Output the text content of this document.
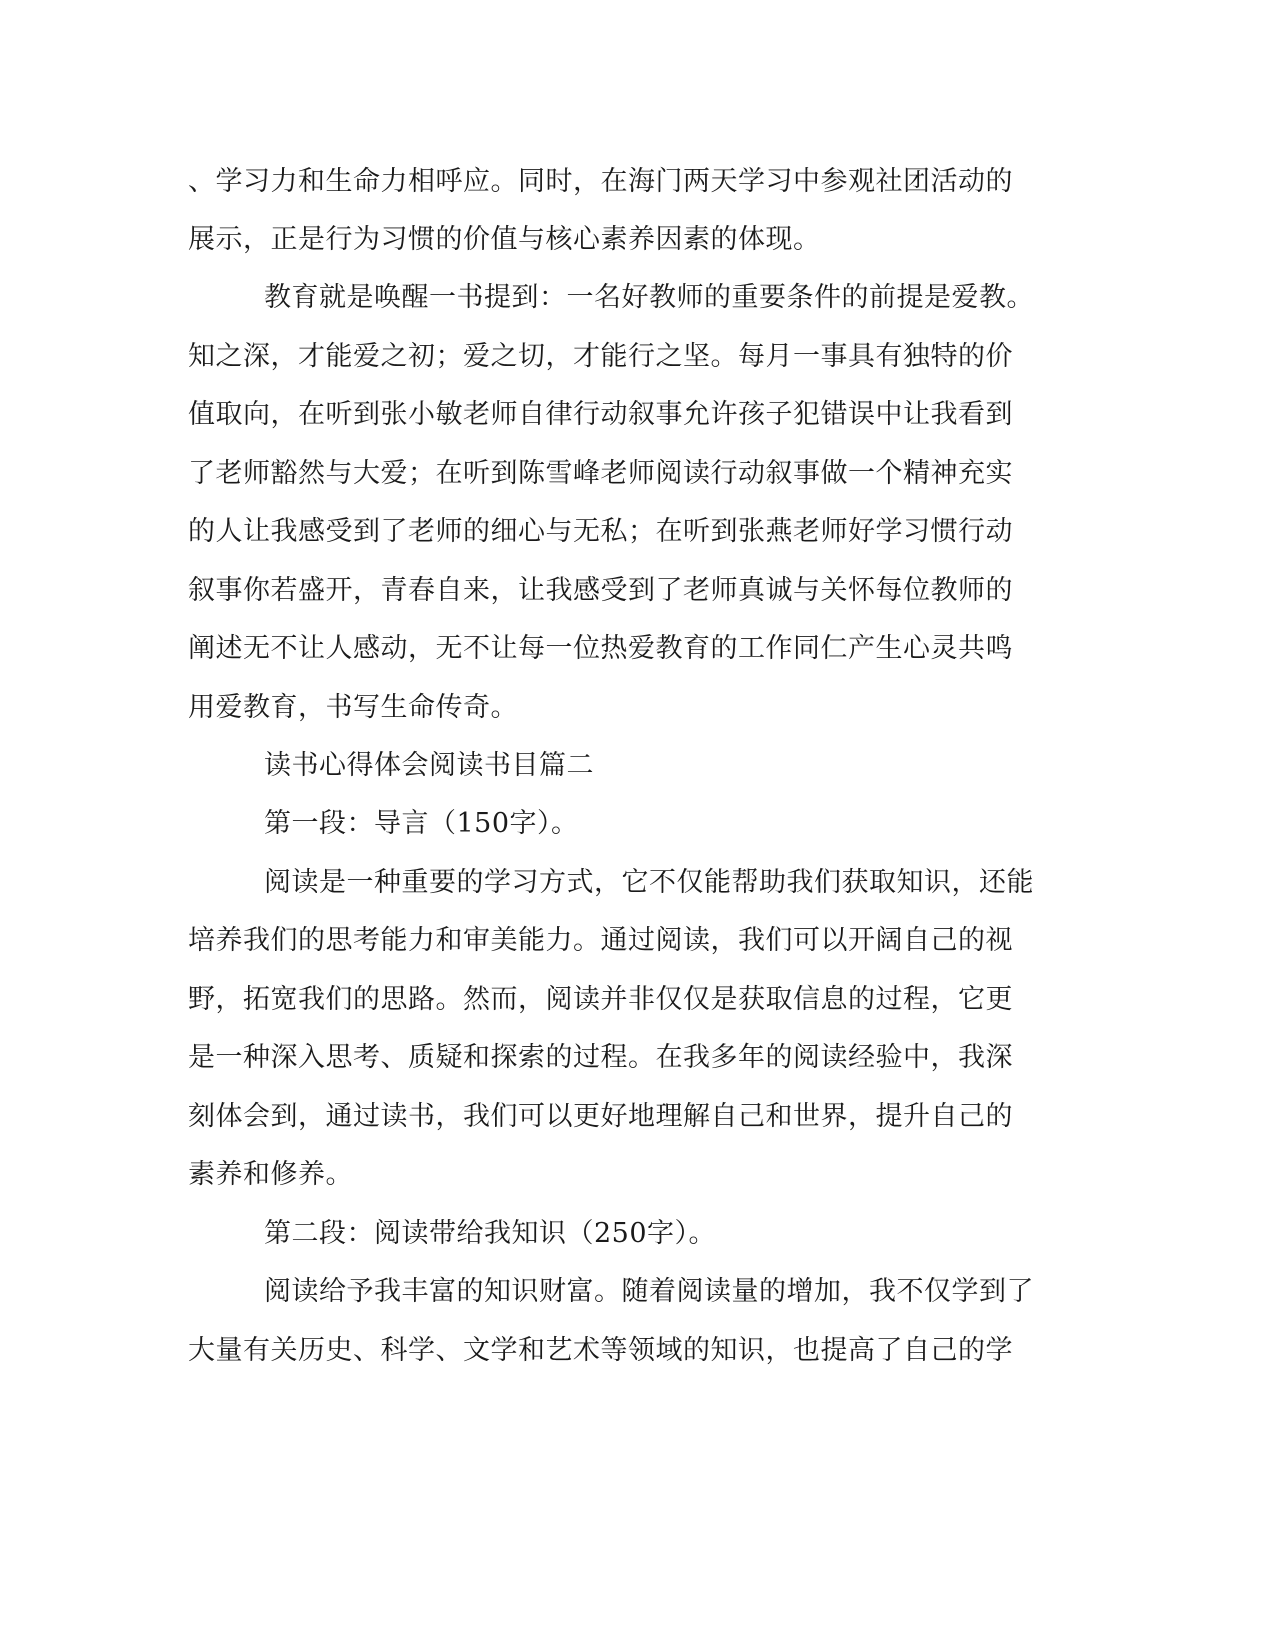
、学习力和生命力相呼应。同时，在海门两天学习中参观社团活动的
展示，正是行为习惯的价值与核心素养因素的体现。
教育就是唤醒一书提到：一名好教师的重要条件的前提是爱教。
知之深，才能爱之初；爱之切，才能行之坚。每月一事具有独特的价
值取向，在听到张小敏老师自律行动叙事允许孩子犯错误中让我看到
了老师豁然与大爱；在听到陈雪峰老师阅读行动叙事做一个精神充实
的人让我感受到了老师的细心与无私；在听到张燕老师好学习惯行动
叙事你若盛开，青春自来，让我感受到了老师真诚与关怀每位教师的
阐述无不让人感动，无不让每一位热爱教育的工作同仁产生心灵共鸣
用爱教育，书写生命传奇。
读书心得体会阅读书目篇二
第一段：导言（150字）。
阅读是一种重要的学习方式，它不仅能帮助我们获取知识，还能
培养我们的思考能力和审美能力。通过阅读，我们可以开阔自己的视
野，拓宽我们的思路。然而，阅读并非仅仅是获取信息的过程，它更
是一种深入思考、质疑和探索的过程。在我多年的阅读经验中，我深
刻体会到，通过读书，我们可以更好地理解自己和世界，提升自己的
素养和修养。
第二段：阅读带给我知识（250字）。
阅读给予我丰富的知识财富。随着阅读量的增加，我不仅学到了
大量有关历史、科学、文学和艺术等领域的知识，也提高了自己的学
